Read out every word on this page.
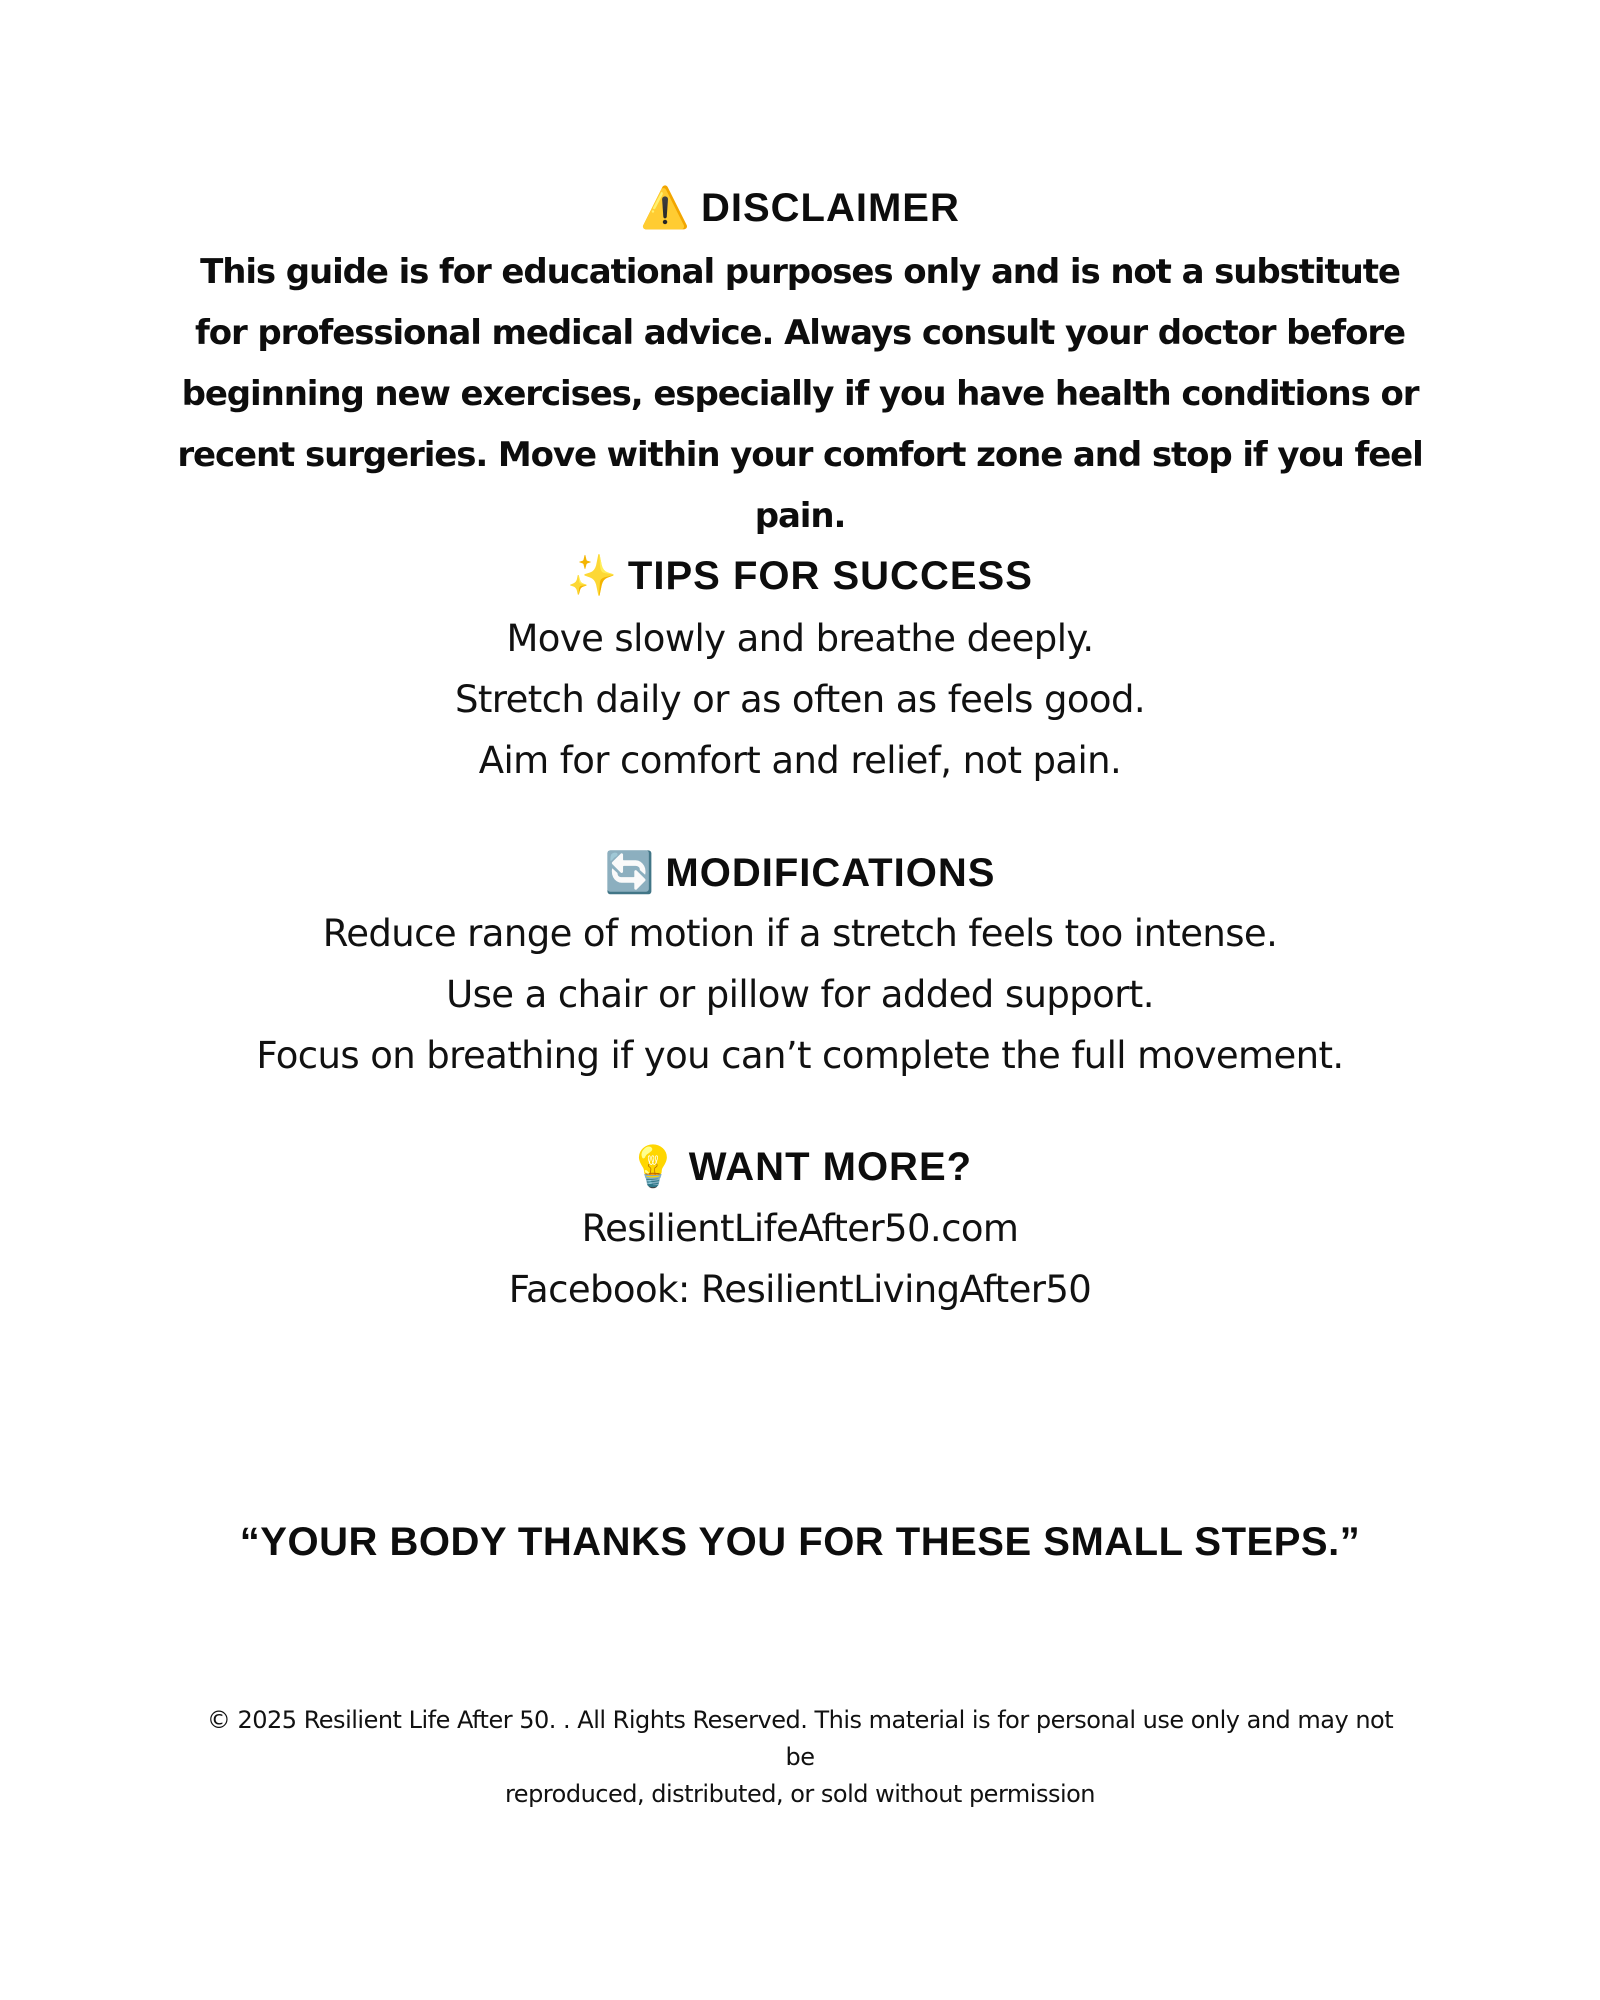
⚠️ DISCLAIMER
This guide is for educational purposes only and is not a substitute for professional medical advice. Always consult your doctor before beginning new exercises, especially if you have health conditions or recent surgeries. Move within your comfort zone and stop if you feel pain.
✨ TIPS FOR SUCCESS
Move slowly and breathe deeply.
Stretch daily or as often as feels good.
Aim for comfort and relief, not pain.
🔄 MODIFICATIONS
Reduce range of motion if a stretch feels too intense.
Use a chair or pillow for added support.
Focus on breathing if you can’t complete the full movement.
💡 WANT MORE?
ResilientLifeAfter50.com
Facebook: ResilientLivingAfter50
“YOUR BODY THANKS YOU FOR THESE SMALL STEPS.”
© 2025 Resilient Life After 50. . All Rights Reserved. This material is for personal use only and may not be
reproduced, distributed, or sold without permission
